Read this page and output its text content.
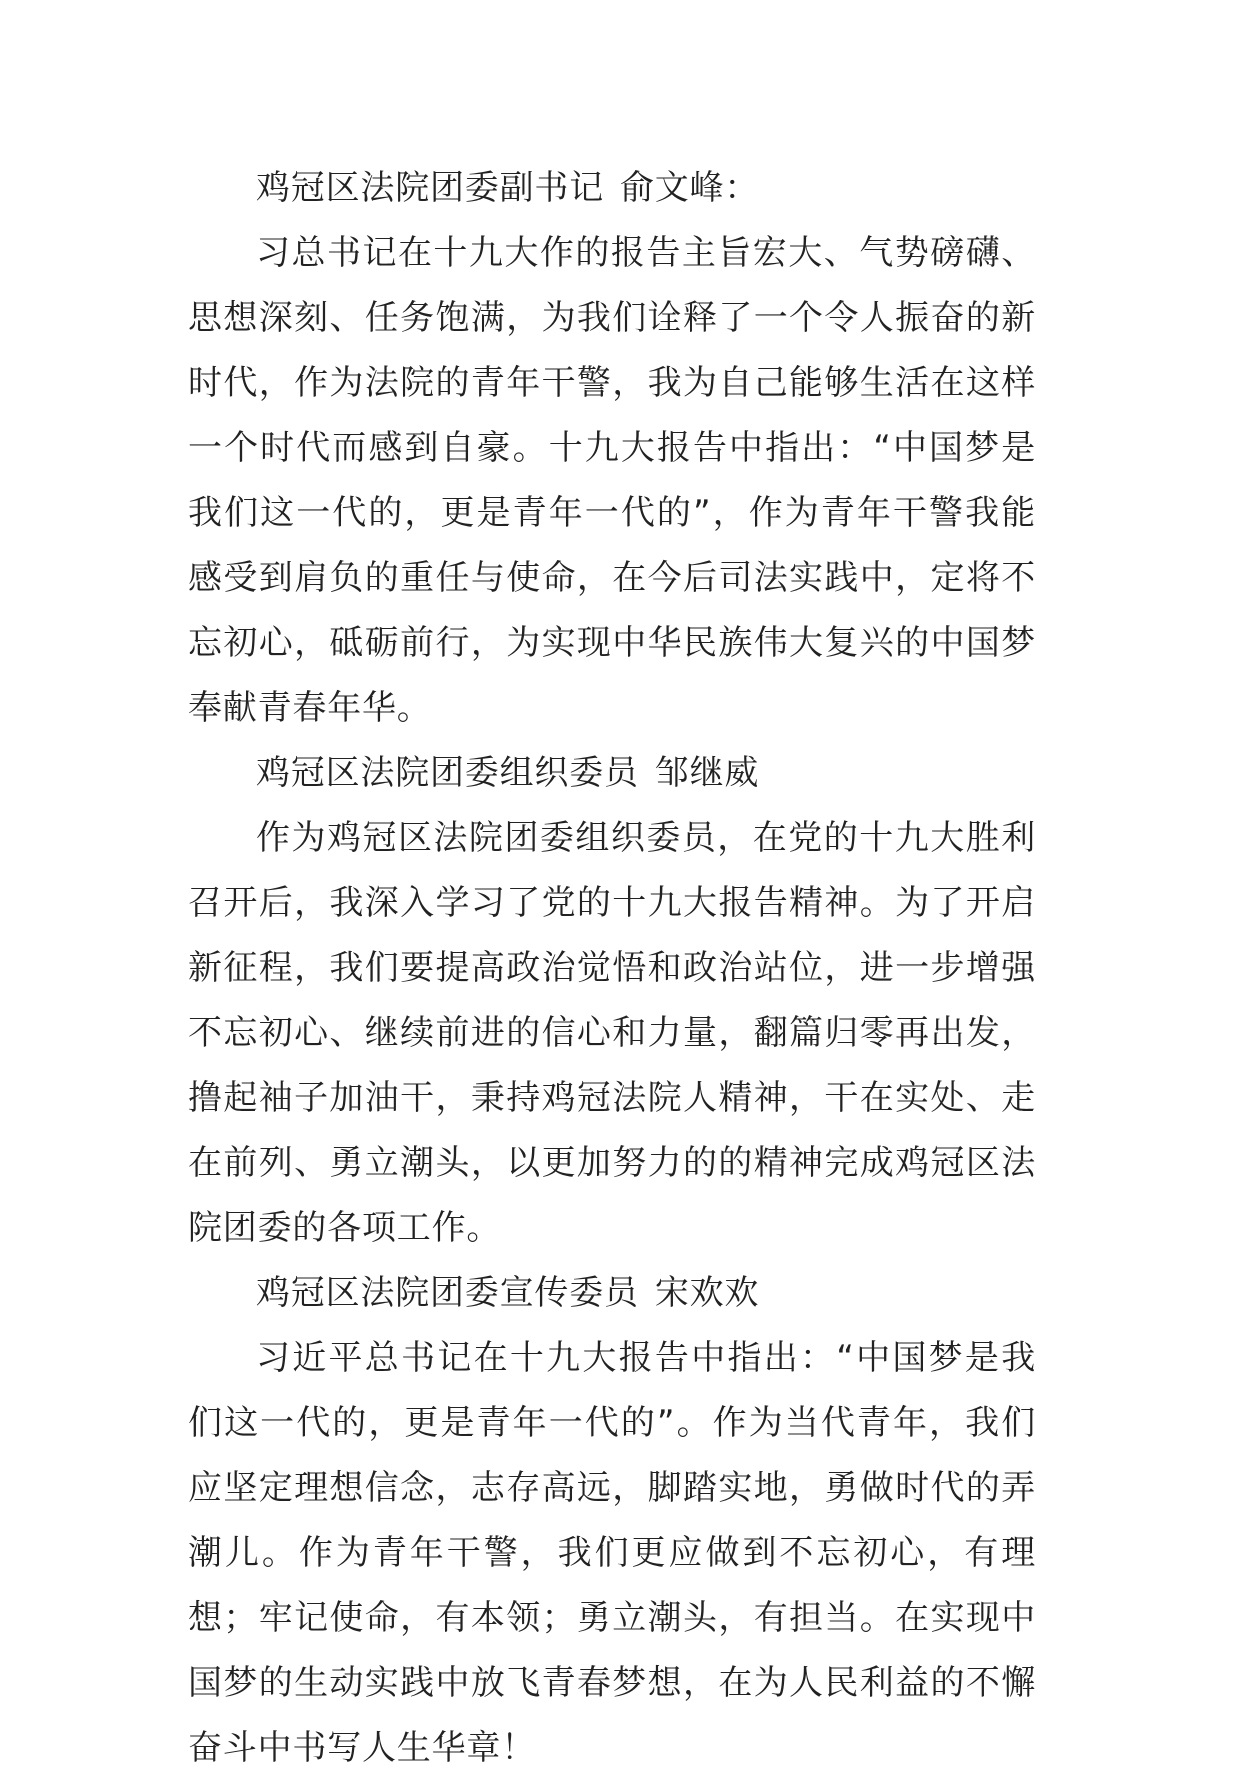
鸡冠区法院团委副书记 俞文峰：

习总书记在十九大作的报告主旨宏大、气势磅礴、思想深刻、任务饱满，为我们诠释了一个令人振奋的新时代，作为法院的青年干警，我为自己能够生活在这样一个时代而感到自豪。十九大报告中指出：“中国梦是我们这一代的，更是青年一代的”，作为青年干警我能感受到肩负的重任与使命，在今后司法实践中，定将不忘初心，砥砺前行，为实现中华民族伟大复兴的中国梦奉献青春年华。

鸡冠区法院团委组织委员 邹继威

作为鸡冠区法院团委组织委员，在党的十九大胜利召开后，我深入学习了党的十九大报告精神。为了开启新征程，我们要提高政治觉悟和政治站位，进一步增强不忘初心、继续前进的信心和力量，翻篇归零再出发，撸起袖子加油干，秉持鸡冠法院人精神，干在实处、走在前列、勇立潮头，以更加努力的的精神完成鸡冠区法院团委的各项工作。

鸡冠区法院团委宣传委员 宋欢欢

习近平总书记在十九大报告中指出：“中国梦是我们这一代的，更是青年一代的”。作为当代青年，我们应坚定理想信念，志存高远，脚踏实地，勇做时代的弄潮儿。作为青年干警，我们更应做到不忘初心，有理想；牢记使命，有本领；勇立潮头，有担当。在实现中国梦的生动实践中放飞青春梦想，在为人民利益的不懈奋斗中书写人生华章！
